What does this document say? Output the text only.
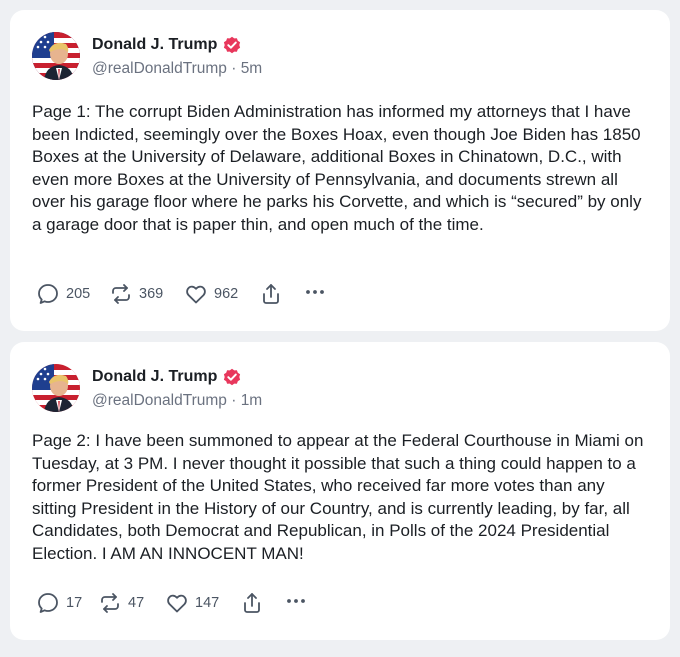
Donald J. Trump
@realDonaldTrump · 5m

Page 1: The corrupt Biden Administration has informed my attorneys that I have been Indicted, seemingly over the Boxes Hoax, even though Joe Biden has 1850 Boxes at the University of Delaware, additional Boxes in Chinatown, D.C., with even more Boxes at the University of Pennsylvania, and documents strewn all over his garage floor where he parks his Corvette, and which is “secured” by only a garage door that is paper thin, and open much of the time.

205	369	962
Donald J. Trump
@realDonaldTrump · 1m

Page 2: I have been summoned to appear at the Federal Courthouse in Miami on Tuesday, at 3 PM. I never thought it possible that such a thing could happen to a former President of the United States, who received far more votes than any sitting President in the History of our Country, and is currently leading, by far, all Candidates, both Democrat and Republican, in Polls of the 2024 Presidential Election. I AM AN INNOCENT MAN!

17	47	147
